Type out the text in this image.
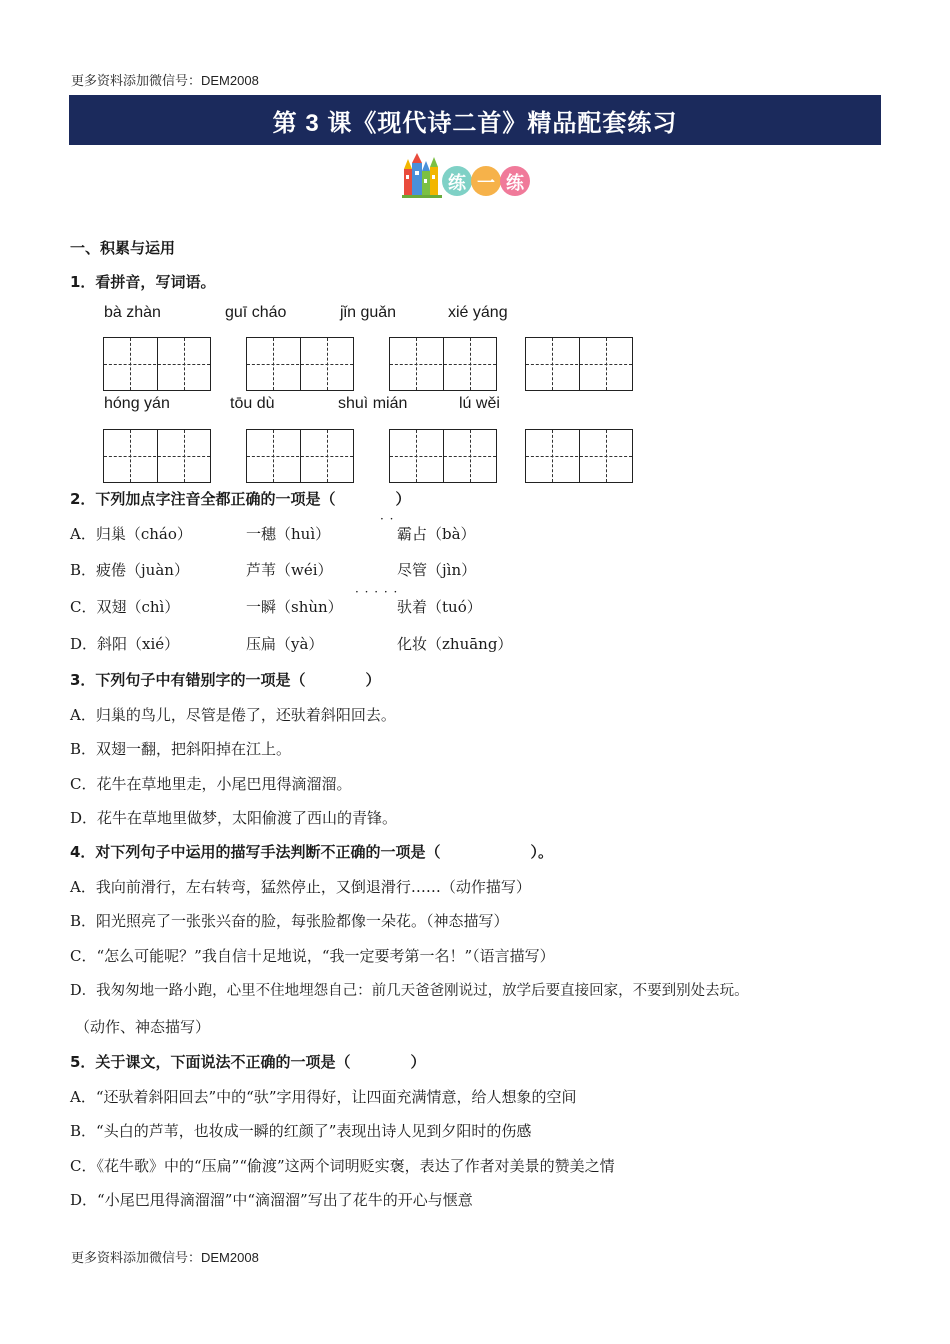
更多资料添加微信号：DEM2008
第 3 课《现代诗二首》精品配套练习
练 一 练
一、积累与运用
1．看拼音，写词语。
bà zhàn	guī cháo	jǐn guǎn	xié yáng
hóng yán	tōu dù	shuì mián	lú wěi
2．下列加点字注音全都正确的一项是（　　　　）
· ·
A．归巢（cháo）	一穗（huì）	霸占（bà）
B．疲倦（juàn）	芦苇（wéi）	尽管（jìn）
· · · · ·
C．双翅（chì）	一瞬（shùn）	驮着（tuó）
D．斜阳（xié）	压扁（yà）	化妆（zhuāng）
3．下列句子中有错别字的一项是（　　　　）
A．归巢的鸟儿，尽管是倦了，还驮着斜阳回去。
B．双翅一翻，把斜阳掉在江上。
C．花牛在草地里走，小尾巴甩得滴溜溜。
D．花牛在草地里做梦，太阳偷渡了西山的青锋。
4．对下列句子中运用的描写手法判断不正确的一项是（　　　　　　）。
A．我向前滑行，左右转弯，猛然停止，又倒退滑行……（动作描写）
B．阳光照亮了一张张兴奋的脸，每张脸都像一朵花。（神态描写）
C．“怎么可能呢？”我自信十足地说，“我一定要考第一名！”（语言描写）
D．我匆匆地一路小跑，心里不住地埋怨自己：前几天爸爸刚说过，放学后要直接回家，不要到别处去玩。
（动作、神态描写）
5．关于课文，下面说法不正确的一项是（　　　　）
A．“还驮着斜阳回去”中的“驮”字用得好，让四面充满情意，给人想象的空间
B．“头白的芦苇，也妆成一瞬的红颜了”表现出诗人见到夕阳时的伤感
C．《花牛歌》中的“压扁”“偷渡”这两个词明贬实褒，表达了作者对美景的赞美之情
D．“小尾巴甩得滴溜溜”中“滴溜溜”写出了花牛的开心与惬意
更多资料添加微信号：DEM2008
